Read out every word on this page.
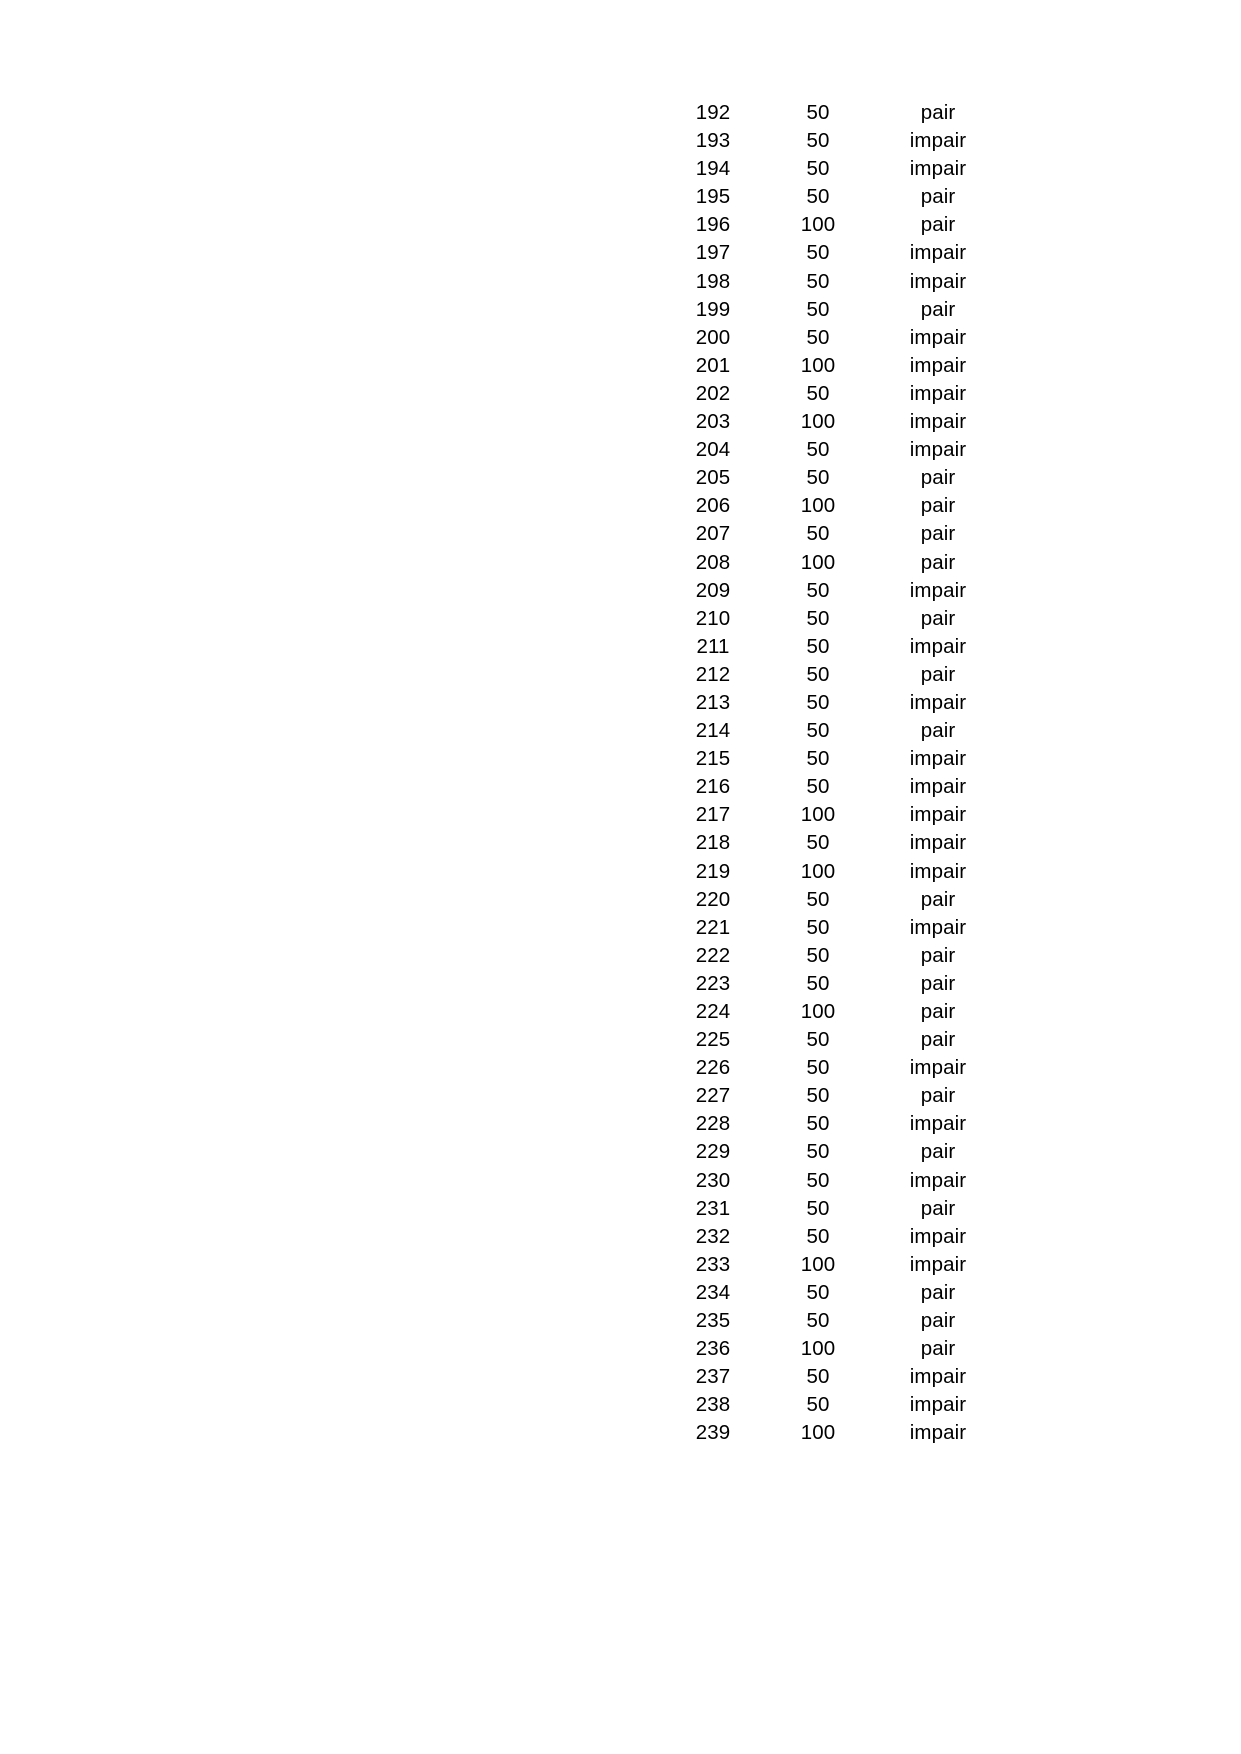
192	50	pair
193	50	impair
194	50	impair
195	50	pair
196	100	pair
197	50	impair
198	50	impair
199	50	pair
200	50	impair
201	100	impair
202	50	impair
203	100	impair
204	50	impair
205	50	pair
206	100	pair
207	50	pair
208	100	pair
209	50	impair
210	50	pair
211	50	impair
212	50	pair
213	50	impair
214	50	pair
215	50	impair
216	50	impair
217	100	impair
218	50	impair
219	100	impair
220	50	pair
221	50	impair
222	50	pair
223	50	pair
224	100	pair
225	50	pair
226	50	impair
227	50	pair
228	50	impair
229	50	pair
230	50	impair
231	50	pair
232	50	impair
233	100	impair
234	50	pair
235	50	pair
236	100	pair
237	50	impair
238	50	impair
239	100	impair
